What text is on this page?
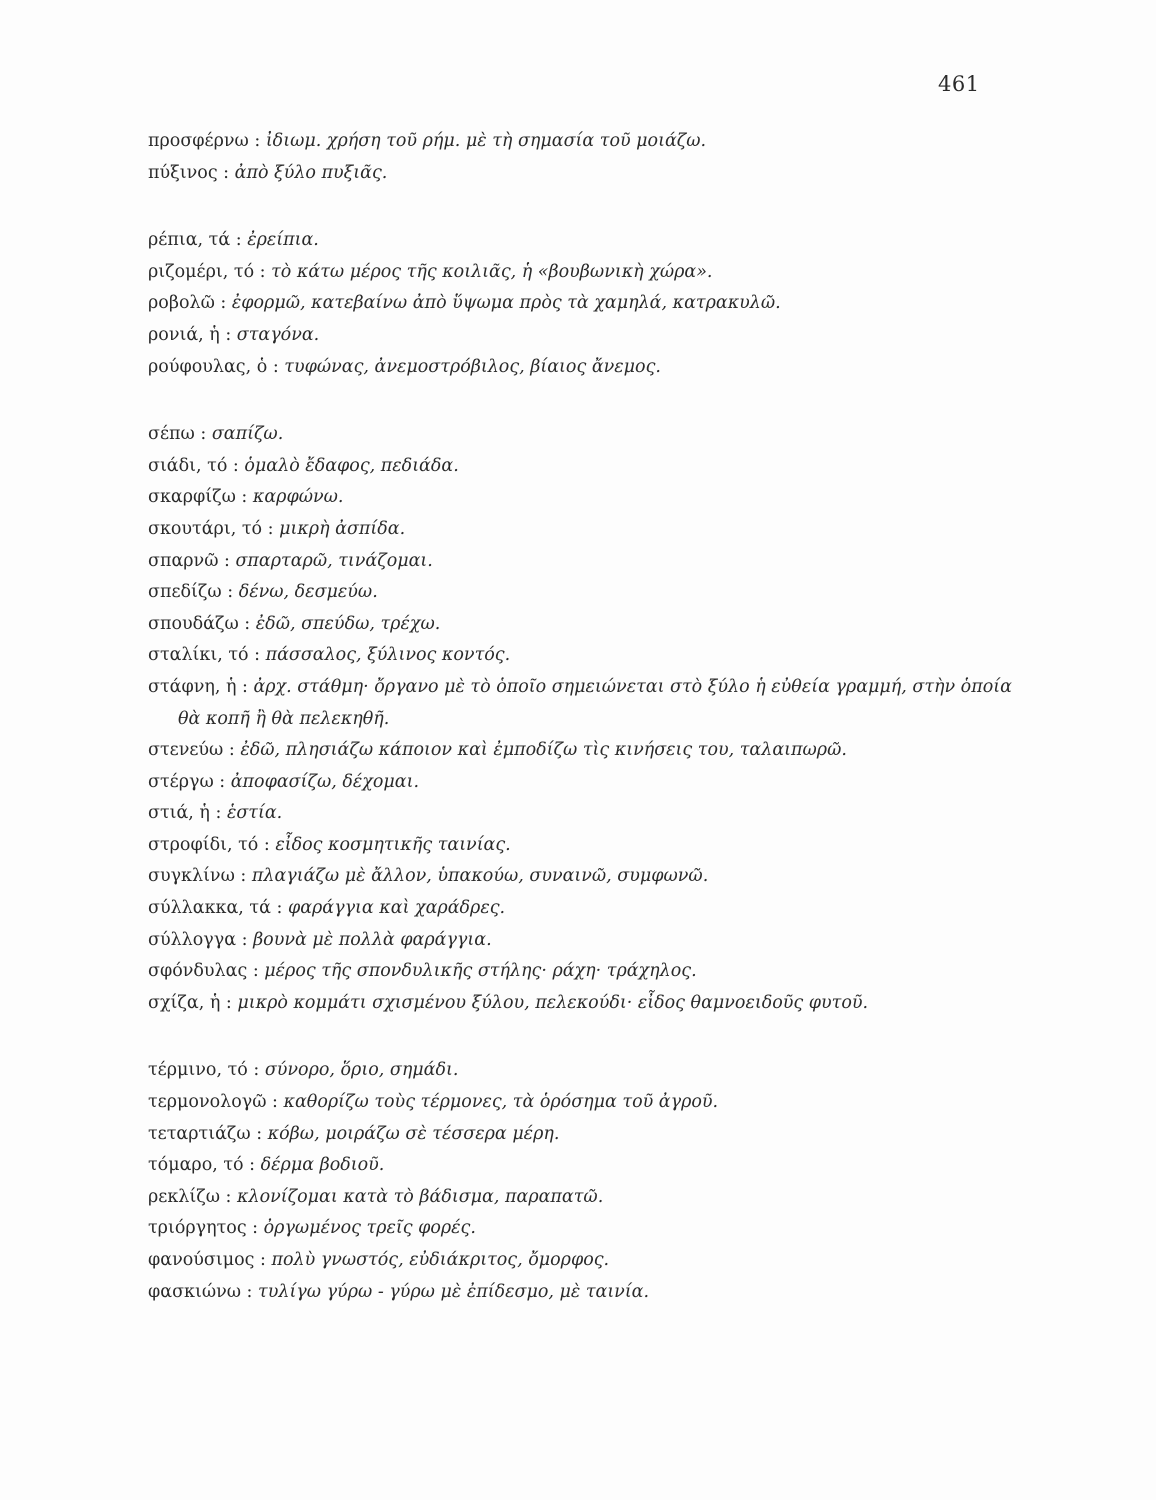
461
προσφέρνω : ἰδιωμ. χρήση τοῦ ρήμ. μὲ τὴ σημασία τοῦ μοιάζω.
πύξινος : ἀπὸ ξύλο πυξιᾶς.
ρέπια, τά : ἐρείπια.
ριζομέρι, τό : τὸ κάτω μέρος τῆς κοιλιᾶς, ἡ «βουβωνικὴ χώρα».
ροβολῶ : ἐφορμῶ, κατεβαίνω ἀπὸ ὕψωμα πρὸς τὰ χαμηλά, κατρακυλῶ.
ρονιά, ἡ : σταγόνα.
ρούφουλας, ὁ : τυφώνας, ἀνεμοστρόβιλος, βίαιος ἄνεμος.
σέπω : σαπίζω.
σιάδι, τό : ὁμαλὸ ἔδαφος, πεδιάδα.
σκαρφίζω : καρφώνω.
σκουτάρι, τό : μικρὴ ἀσπίδα.
σπαρνῶ : σπαρταρῶ, τινάζομαι.
σπεδίζω : δένω, δεσμεύω.
σπουδάζω : ἐδῶ, σπεύδω, τρέχω.
σταλίκι, τό : πάσσαλος, ξύλινος κοντός.
στάφνη, ἡ : ἀρχ. στάθμη· ὄργανο μὲ τὸ ὁποῖο σημειώνεται στὸ ξύλο ἡ εὐθεία γραμμή, στὴν ὁποία θὰ κοπῆ ἢ θὰ πελεκηθῆ.
στενεύω : ἐδῶ, πλησιάζω κάποιον καὶ ἐμποδίζω τὶς κινήσεις του, ταλαιπωρῶ.
στέργω : ἀποφασίζω, δέχομαι.
στιά, ἡ : ἑστία.
στροφίδι, τό : εἶδος κοσμητικῆς ταινίας.
συγκλίνω : πλαγιάζω μὲ ἄλλον, ὑπακούω, συναινῶ, συμφωνῶ.
σύλλακκα, τά : φαράγγια καὶ χαράδρες.
σύλλογγα : βουνὰ μὲ πολλὰ φαράγγια.
σφόνδυλας : μέρος τῆς σπονδυλικῆς στήλης· ράχη· τράχηλος.
σχίζα, ἡ : μικρὸ κομμάτι σχισμένου ξύλου, πελεκούδι· εἶδος θαμνοειδοῦς φυτοῦ.
τέρμινο, τό : σύνορο, ὅριο, σημάδι.
τερμονολογῶ : καθορίζω τοὺς τέρμονες, τὰ ὁρόσημα τοῦ ἀγροῦ.
τεταρτιάζω : κόβω, μοιράζω σὲ τέσσερα μέρη.
τόμαρο, τό : δέρμα βοδιοῦ.
ρεκλίζω : κλονίζομαι κατὰ τὸ βάδισμα, παραπατῶ.
τριόργητος : ὀργωμένος τρεῖς φορές.
φανούσιμος : πολὺ γνωστός, εὐδιάκριτος, ὄμορφος.
φασκιώνω : τυλίγω γύρω - γύρω μὲ ἐπίδεσμο, μὲ ταινία.
